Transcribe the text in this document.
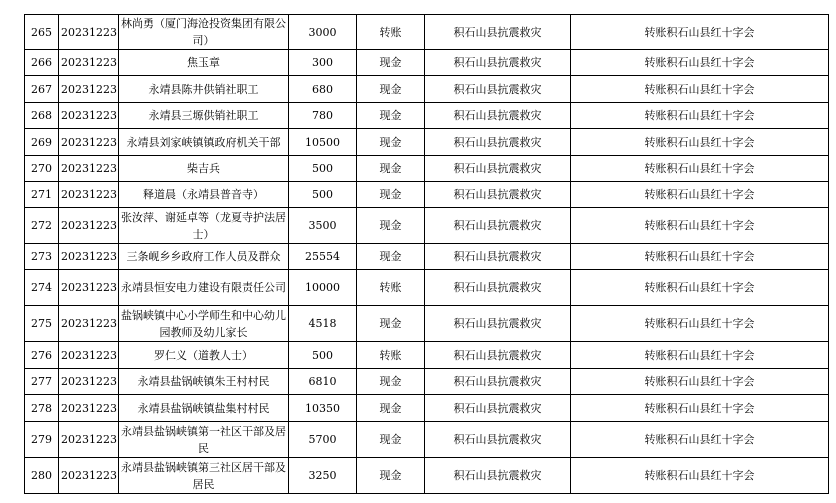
265	20231223	林尚勇（厦门海沧投资集团有限公司）	3000	转账	积石山县抗震救灾	转账积石山县红十字会
266	20231223	焦玉章	300	现金	积石山县抗震救灾	转账积石山县红十字会
267	20231223	永靖县陈井供销社职工	680	现金	积石山县抗震救灾	转账积石山县红十字会
268	20231223	永靖县三塬供销社职工	780	现金	积石山县抗震救灾	转账积石山县红十字会
269	20231223	永靖县刘家峡镇镇政府机关干部	10500	现金	积石山县抗震救灾	转账积石山县红十字会
270	20231223	柴吉兵	500	现金	积石山县抗震救灾	转账积石山县红十字会
271	20231223	释道晨（永靖县普音寺）	500	现金	积石山县抗震救灾	转账积石山县红十字会
272	20231223	张汝萍、谢延卓等（龙夏寺护法居士）	3500	现金	积石山县抗震救灾	转账积石山县红十字会
273	20231223	三条岘乡乡政府工作人员及群众	25554	现金	积石山县抗震救灾	转账积石山县红十字会
274	20231223	永靖县恒安电力建设有限责任公司	10000	转账	积石山县抗震救灾	转账积石山县红十字会
275	20231223	盐锅峡镇中心小学师生和中心幼儿园教师及幼儿家长	4518	现金	积石山县抗震救灾	转账积石山县红十字会
276	20231223	罗仁义（道教人士）	500	转账	积石山县抗震救灾	转账积石山县红十字会
277	20231223	永靖县盐锅峡镇朱王村村民	6810	现金	积石山县抗震救灾	转账积石山县红十字会
278	20231223	永靖县盐锅峡镇盐集村村民	10350	现金	积石山县抗震救灾	转账积石山县红十字会
279	20231223	永靖县盐锅峡镇第一社区干部及居民	5700	现金	积石山县抗震救灾	转账积石山县红十字会
280	20231223	永靖县盐锅峡镇第三社区居干部及居民	3250	现金	积石山县抗震救灾	转账积石山县红十字会
